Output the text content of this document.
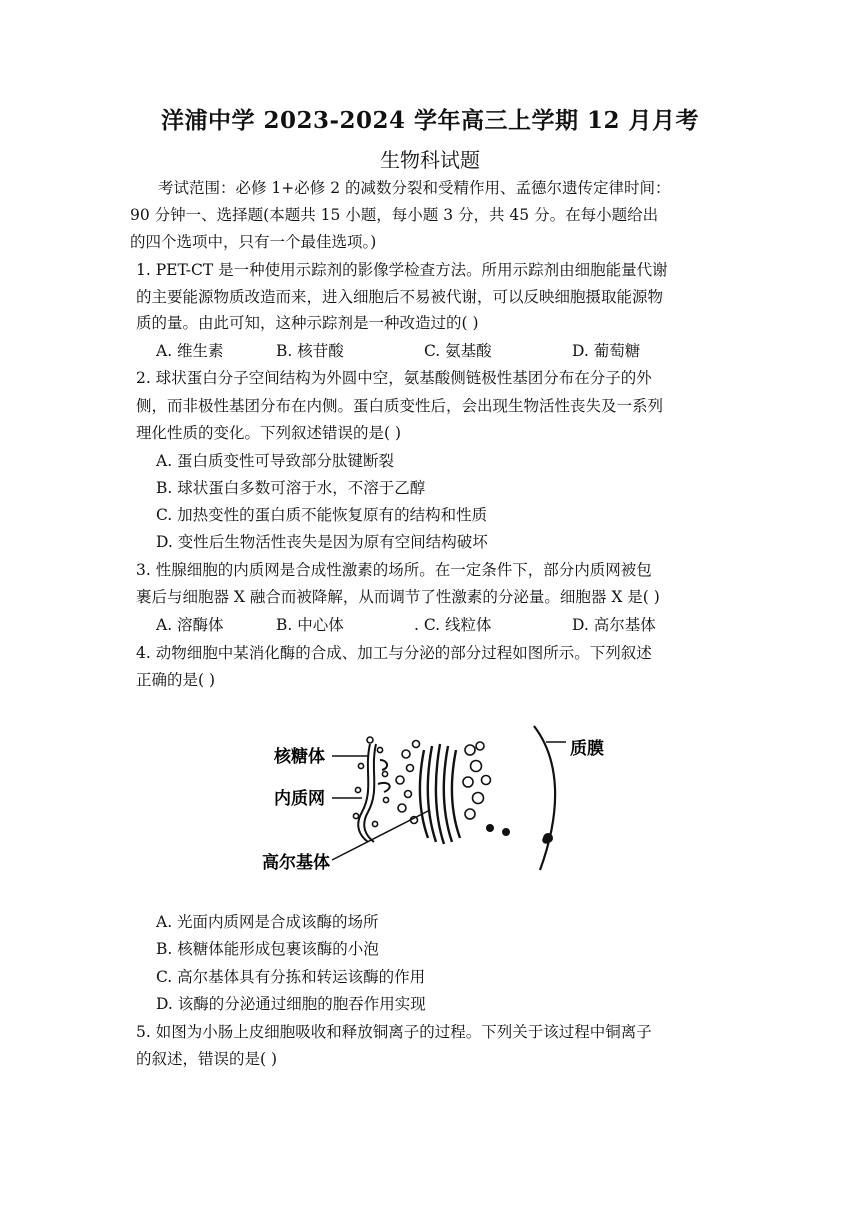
洋浦中学 2023-2024 学年高三上学期 12 月月考
生物科试题
考试范围：必修 1+必修 2 的减数分裂和受精作用、孟德尔遗传定律时间：
90 分钟一、选择题(本题共 15 小题，每小题 3 分，共 45 分。在每小题给出
的四个选项中，只有一个最佳选项。)
1. PET-CT 是一种使用示踪剂的影像学检查方法。所用示踪剂由细胞能量代谢
的主要能源物质改造而来，进入细胞后不易被代谢，可以反映细胞摄取能源物
质的量。由此可知，这种示踪剂是一种改造过的( )
A. 维生素	B. 核苷酸	C. 氨基酸	D. 葡萄糖
2. 球状蛋白分子空间结构为外圆中空，氨基酸侧链极性基团分布在分子的外
侧，而非极性基团分布在内侧。蛋白质变性后，会出现生物活性丧失及一系列
理化性质的变化。下列叙述错误的是( )
A. 蛋白质变性可导致部分肽键断裂
B. 球状蛋白多数可溶于水，不溶于乙醇
C. 加热变性的蛋白质不能恢复原有的结构和性质
D. 变性后生物活性丧失是因为原有空间结构破坏
3. 性腺细胞的内质网是合成性激素的场所。在一定条件下，部分内质网被包
裹后与细胞器 X 融合而被降解，从而调节了性激素的分泌量。细胞器 X 是( )
A. 溶酶体	B. 中心体	. C. 线粒体	D. 高尔基体
4. 动物细胞中某消化酶的合成、加工与分泌的部分过程如图所示。下列叙述
正确的是( )
核糖体
内质网
高尔基体
质膜
A. 光面内质网是合成该酶的场所
B. 核糖体能形成包裹该酶的小泡
C. 高尔基体具有分拣和转运该酶的作用
D. 该酶的分泌通过细胞的胞吞作用实现
5. 如图为小肠上皮细胞吸收和释放铜离子的过程。下列关于该过程中铜离子
的叙述，错误的是( )
